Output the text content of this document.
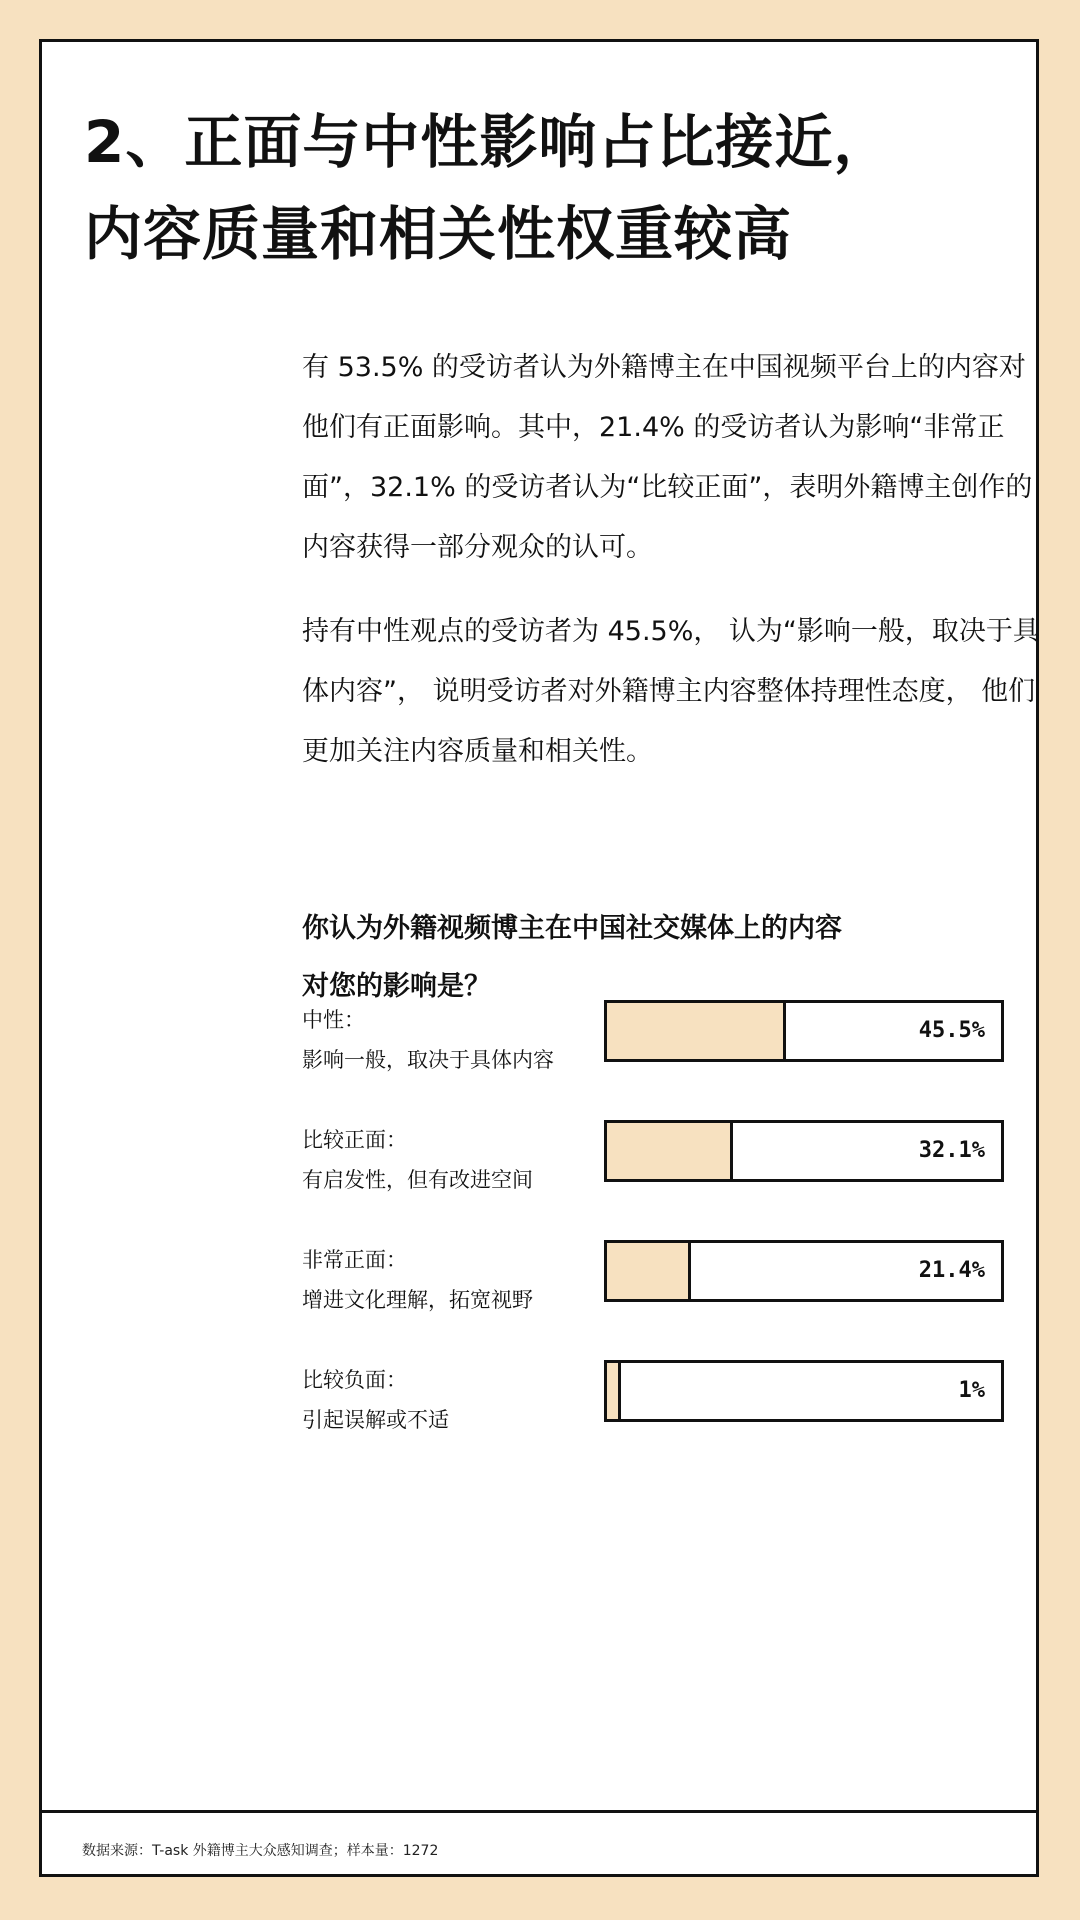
2、正面与中性影响占比接近，
内容质量和相关性权重较高

有 53.5% 的受访者认为外籍博主在中国视频平台上的内容对他们有正面影响。其中，21.4% 的受访者认为影响“非常正面”，32.1% 的受访者认为“比较正面”，表明外籍博主创作的内容获得一部分观众的认可。

持有中性观点的受访者为 45.5%， 认为“影响一般，取决于具体内容”， 说明受访者对外籍博主内容整体持理性态度， 他们更加关注内容质量和相关性。

你认为外籍视频博主在中国社交媒体上的内容
对您的影响是？
中性：
影响一般，取决于具体内容
45.5%
比较正面：
有启发性，但有改进空间
32.1%
非常正面：
增进文化理解，拓宽视野
21.4%
比较负面：
引起误解或不适
1%
数据来源：T-ask 外籍博主大众感知调查；样本量：1272
